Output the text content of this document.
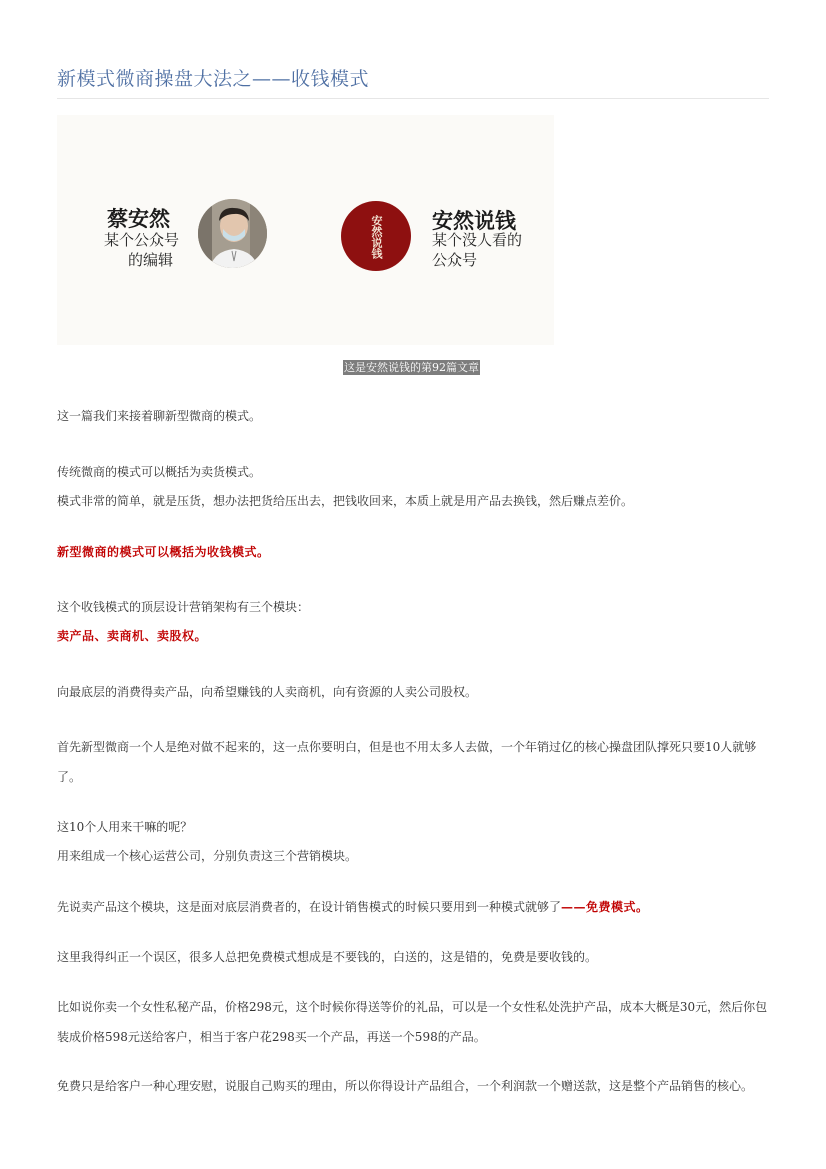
新模式微商操盘大法之——收钱模式
蔡安然
某个公众号
的编辑
安然说钱 安然说钱
某个没人看的
公众号
这是安然说钱的第92篇文章
这一篇我们来接着聊新型微商的模式。
传统微商的模式可以概括为卖货模式。
模式非常的简单，就是压货，想办法把货给压出去，把钱收回来，本质上就是用产品去换钱，然后赚点差价。
新型微商的模式可以概括为收钱模式。
这个收钱模式的顶层设计营销架构有三个模块：
卖产品、卖商机、卖股权。
向最底层的消费得卖产品，向希望赚钱的人卖商机，向有资源的人卖公司股权。
首先新型微商一个人是绝对做不起来的，这一点你要明白，但是也不用太多人去做，一个年销过亿的核心操盘团队撑死只要10人就够了。
这10个人用来干嘛的呢？
用来组成一个核心运营公司，分别负责这三个营销模块。
先说卖产品这个模块，这是面对底层消费者的，在设计销售模式的时候只要用到一种模式就够了——免费模式。
这里我得纠正一个误区，很多人总把免费模式想成是不要钱的，白送的，这是错的，免费是要收钱的。
比如说你卖一个女性私秘产品，价格298元，这个时候你得送等价的礼品，可以是一个女性私处洗护产品，成本大概是30元，然后你包装成价格598元送给客户，相当于客户花298买一个产品，再送一个598的产品。
免费只是给客户一种心理安慰，说服自己购买的理由，所以你得设计产品组合，一个利润款一个赠送款，这是整个产品销售的核心。
